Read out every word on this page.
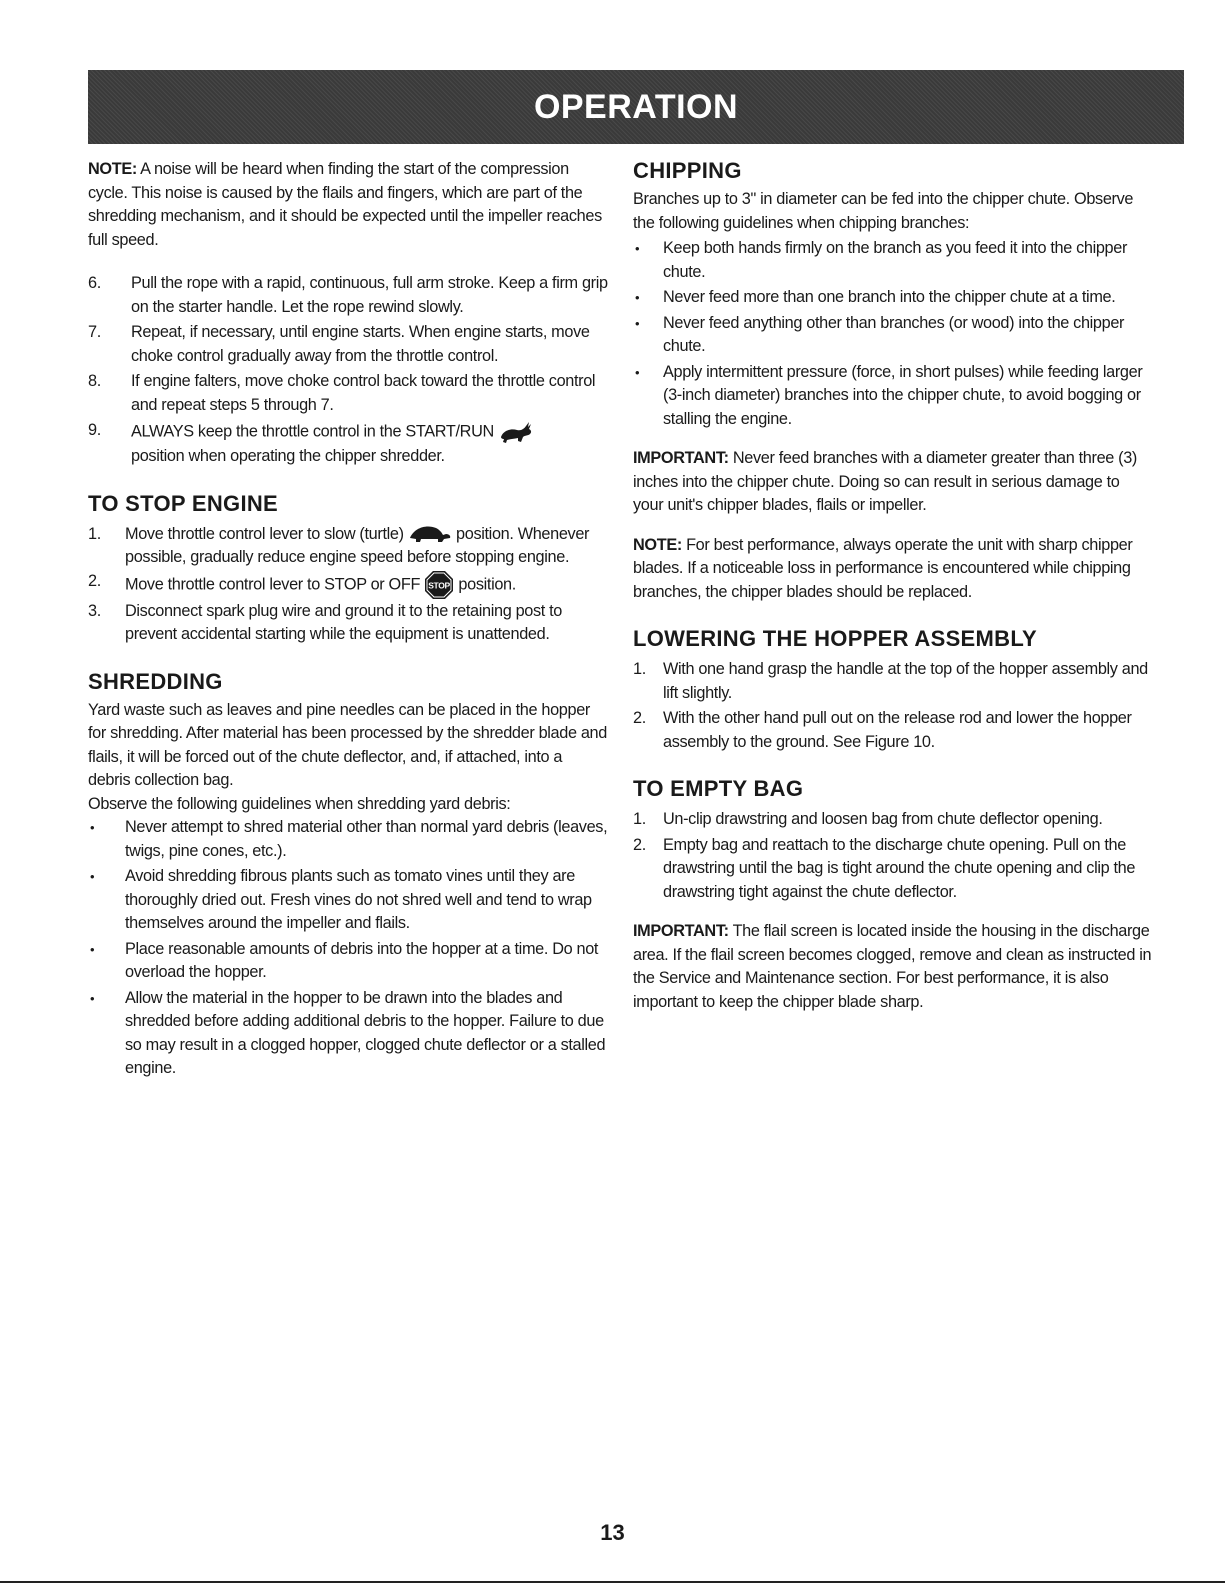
OPERATION

NOTE: A noise will be heard when finding the start of the compression cycle. This noise is caused by the flails and fingers, which are part of the shredding mechanism, and it should be expected until the impeller reaches full speed.

6. Pull the rope with a rapid, continuous, full arm stroke. Keep a firm grip on the starter handle. Let the rope rewind slowly.
7. Repeat, if necessary, until engine starts. When engine starts, move choke control gradually away from the throttle control.
8. If engine falters, move choke control back toward the throttle control and repeat steps 5 through 7.
9. ALWAYS keep the throttle control in the START/RUN
position when operating the chipper shredder.
TO STOP ENGINE
1. Move throttle control lever to slow (turtle)	position. Whenever possible, gradually reduce engine speed before stopping engine.
2. Move throttle control lever to STOP or OFF STOP position.
3. Disconnect spark plug wire and ground it to the retaining post to prevent accidental starting while the equipment is unattended.
SHREDDING

Yard waste such as leaves and pine needles can be placed in the hopper for shredding. After material has been processed by the shredder blade and flails, it will be forced out of the chute deflector, and, if attached, into a debris collection bag.

Observe the following guidelines when shredding yard debris:

• Never attempt to shred material other than normal yard debris (leaves, twigs, pine cones, etc.).
• Avoid shredding fibrous plants such as tomato vines until they are thoroughly dried out. Fresh vines do not shred well and tend to wrap themselves around the impeller and flails.
• Place reasonable amounts of debris into the hopper at a time. Do not overload the hopper.
• Allow the material in the hopper to be drawn into the blades and shredded before adding additional debris to the hopper. Failure to due so may result in a clogged hopper, clogged chute deflector or a stalled engine.
CHIPPING

Branches up to 3" in diameter can be fed into the chipper chute. Observe the following guidelines when chipping branches:

• Keep both hands firmly on the branch as you feed it into the chipper chute.
• Never feed more than one branch into the chipper chute at a time.
• Never feed anything other than branches (or wood) into the chipper chute.
• Apply intermittent pressure (force, in short pulses) while feeding larger (3-inch diameter) branches into the chipper chute, to avoid bogging or stalling the engine.

IMPORTANT: Never feed branches with a diameter greater than three (3) inches into the chipper chute. Doing so can result in serious damage to your unit's chipper blades, flails or impeller.

NOTE: For best performance, always operate the unit with sharp chipper blades. If a noticeable loss in performance is encountered while chipping branches, the chipper blades should be replaced.

LOWERING THE HOPPER ASSEMBLY
1. With one hand grasp the handle at the top of the hopper assembly and lift slightly.
2. With the other hand pull out on the release rod and lower the hopper assembly to the ground. See Figure 10.
TO EMPTY BAG
1. Un-clip drawstring and loosen bag from chute deflector opening.
2. Empty bag and reattach to the discharge chute opening. Pull on the drawstring until the bag is tight around the chute opening and clip the drawstring tight against the chute deflector.

IMPORTANT: The flail screen is located inside the housing in the discharge area. If the flail screen becomes clogged, remove and clean as instructed in the Service and Maintenance section. For best performance, it is also important to keep the chipper blade sharp.

13
